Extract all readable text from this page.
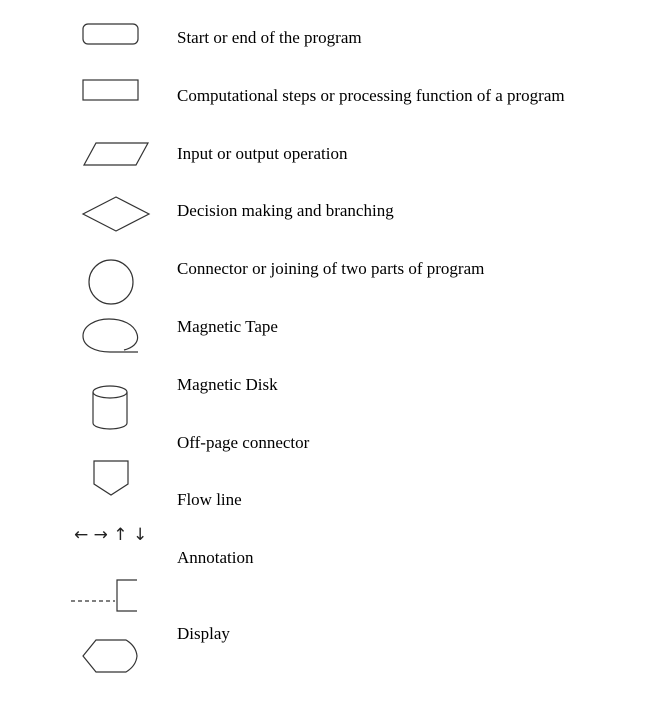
← → ↑ ↓
Start or end of the program
Computational steps or processing function of a program
Input or output operation
Decision making and branching
Connector or joining of two parts of program
Magnetic Tape
Magnetic Disk
Off-page connector
Flow line
Annotation
Display
